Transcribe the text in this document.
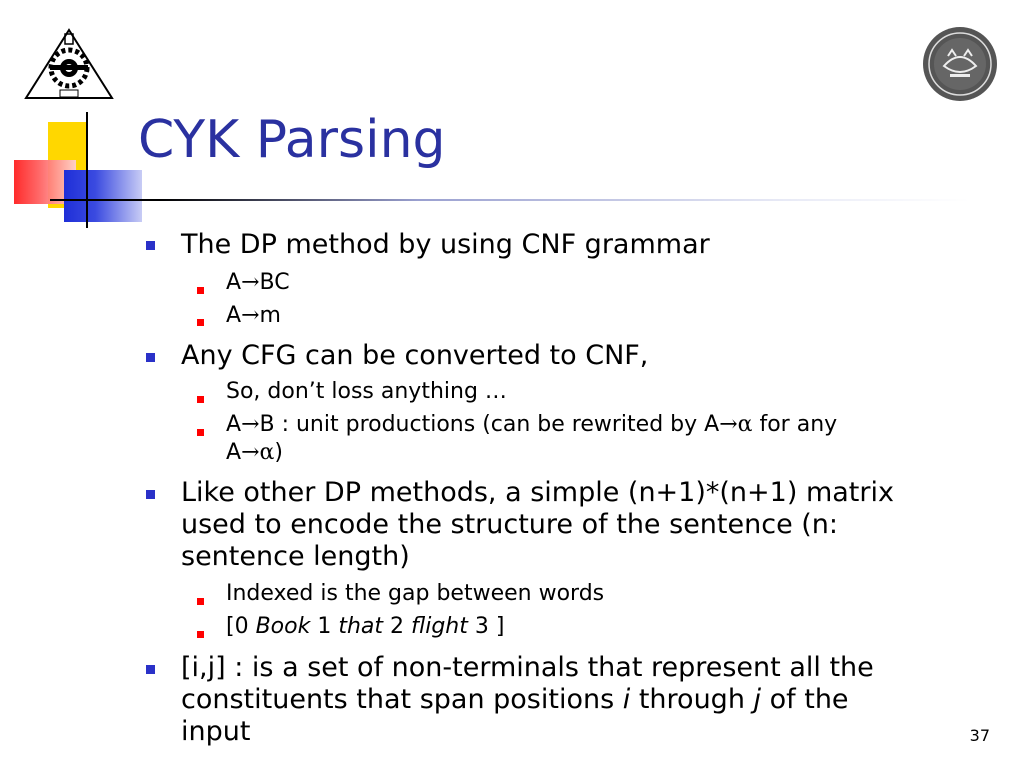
CYK Parsing
The DP method by using CNF grammar
A→BC
A→m
Any CFG can be converted to CNF,
So, don’t loss anything …
A→B : unit productions (can be rewrited by A→α for any
A→α)
Like other DP methods, a simple (n+1)*(n+1) matrix
used to encode the structure of the sentence (n:
sentence length)
Indexed is the gap between words
[0 Book 1 that 2 flight 3 ]
[i,j] : is a set of non-terminals that represent all the
constituents that span positions i through j of the
input	37
